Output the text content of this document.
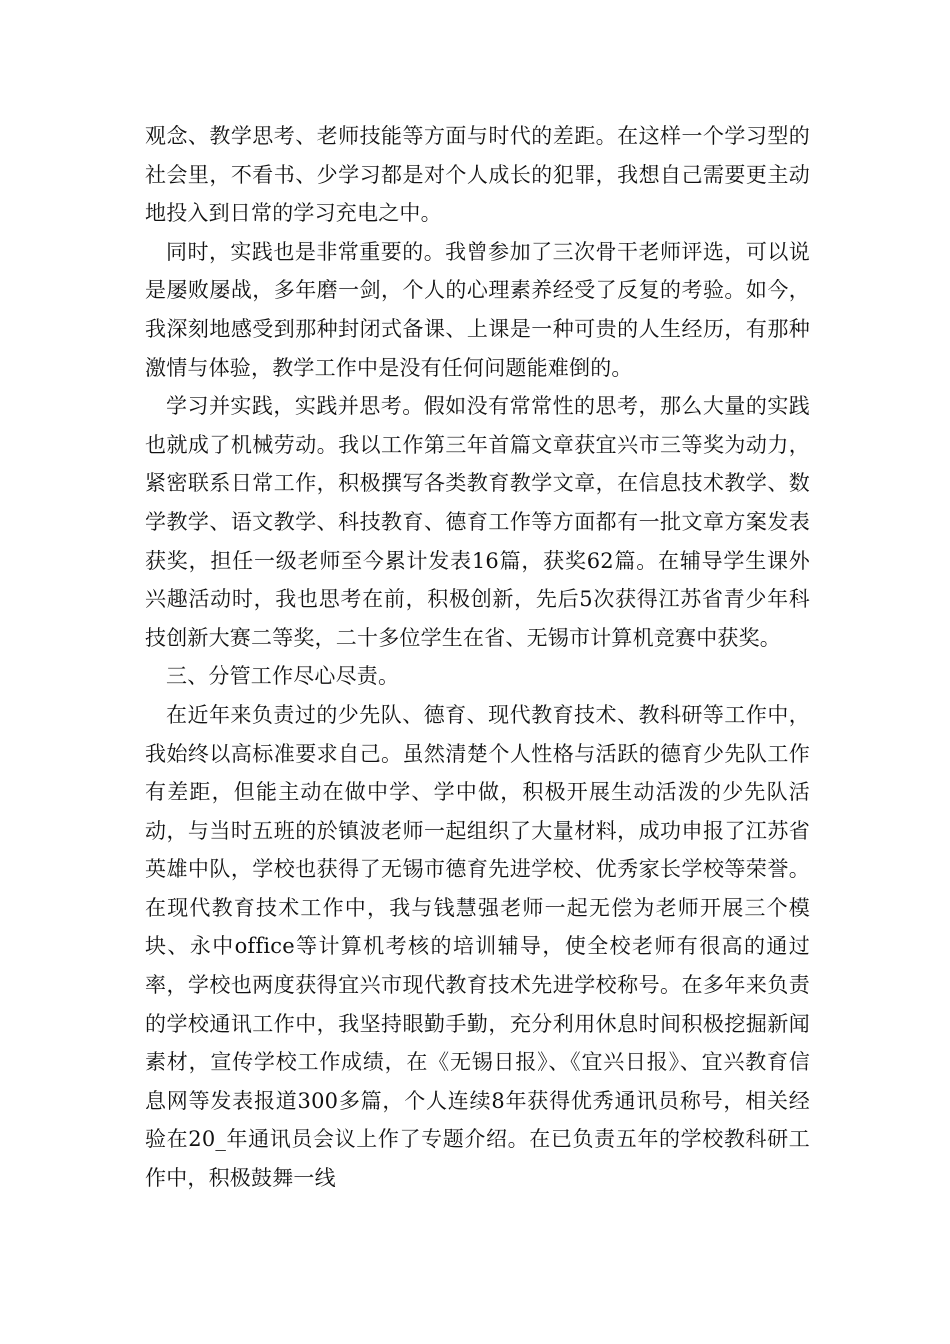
观念、教学思考、老师技能等方面与时代的差距。在这样一个学习型的社会里，不看书、少学习都是对个人成长的犯罪，我想自己需要更主动地投入到日常的学习充电之中。

同时，实践也是非常重要的。我曾参加了三次骨干老师评选，可以说是屡败屡战，多年磨一剑，个人的心理素养经受了反复的考验。如今，我深刻地感受到那种封闭式备课、上课是一种可贵的人生经历，有那种激情与体验，教学工作中是没有任何问题能难倒的。

学习并实践，实践并思考。假如没有常常性的思考，那么大量的实践也就成了机械劳动。我以工作第三年首篇文章获宜兴市三等奖为动力，紧密联系日常工作，积极撰写各类教育教学文章，在信息技术教学、数学教学、语文教学、科技教育、德育工作等方面都有一批文章方案发表获奖，担任一级老师至今累计发表16篇，获奖62篇。在辅导学生课外兴趣活动时，我也思考在前，积极创新，先后5次获得江苏省青少年科技创新大赛二等奖，二十多位学生在省、无锡市计算机竞赛中获奖。

三、分管工作尽心尽责。

在近年来负责过的少先队、德育、现代教育技术、教科研等工作中，我始终以高标准要求自己。虽然清楚个人性格与活跃的德育少先队工作有差距，但能主动在做中学、学中做，积极开展生动活泼的少先队活动，与当时五班的於镇波老师一起组织了大量材料，成功申报了江苏省英雄中队，学校也获得了无锡市德育先进学校、优秀家长学校等荣誉。在现代教育技术工作中，我与钱慧强老师一起无偿为老师开展三个模块、永中office等计算机考核的培训辅导，使全校老师有很高的通过率，学校也两度获得宜兴市现代教育技术先进学校称号。在多年来负责的学校通讯工作中，我坚持眼勤手勤，充分利用休息时间积极挖掘新闻素材，宣传学校工作成绩，在《无锡日报》、《宜兴日报》、宜兴教育信息网等发表报道300多篇，个人连续8年获得优秀通讯员称号，相关经验在20_年通讯员会议上作了专题介绍。在已负责五年的学校教科研工作中，积极鼓舞一线
